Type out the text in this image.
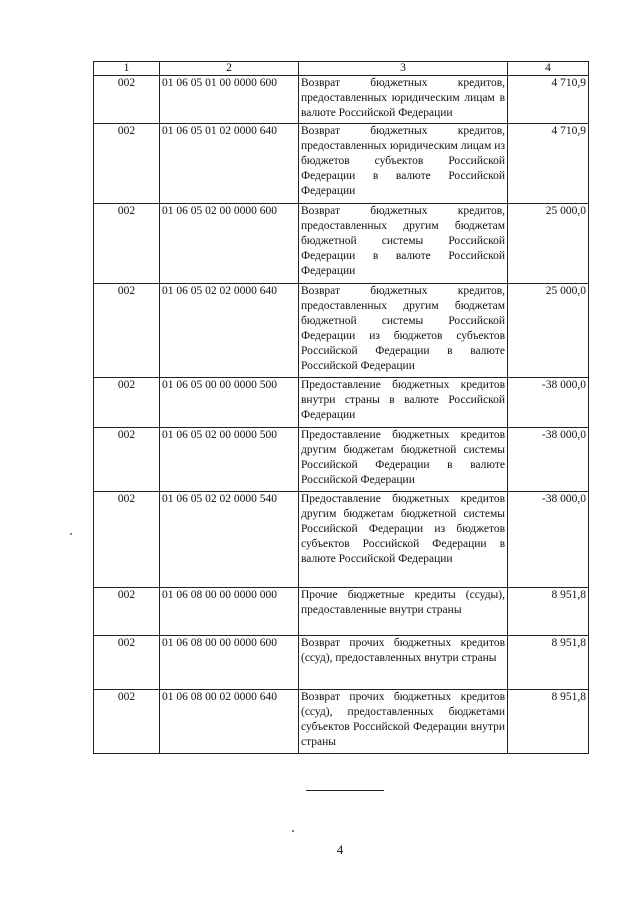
1	2	3	4
002	01 06 05 01 00 0000 600	Возврат бюджетных кредитов, предоставленных юридическим лицам в валюте Российской Федерации	4 710,9
002	01 06 05 01 02 0000 640	Возврат бюджетных кредитов, предоставленных юридическим лицам из бюджетов субъектов Российской Федерации в валюте Российской Федерации	4 710,9
002	01 06 05 02 00 0000 600	Возврат бюджетных кредитов, предоставленных другим бюджетам бюджетной системы Российской Федерации в валюте Российской Федерации	25 000,0
002	01 06 05 02 02 0000 640	Возврат бюджетных кредитов, предоставленных другим бюджетам бюджетной системы Российской Федерации из бюджетов субъектов Российской Федерации в валюте Российской Федерации	25 000,0
002	01 06 05 00 00 0000 500	Предоставление бюджетных кредитов внутри страны в валюте Российской Федерации	-38 000,0
002	01 06 05 02 00 0000 500	Предоставление бюджетных кредитов другим бюджетам бюджетной системы Российской Федерации в валюте Российской Федерации	-38 000,0
002	01 06 05 02 02 0000 540	Предоставление бюджетных кредитов другим бюджетам бюджетной системы Российской Федерации из бюджетов субъектов Российской Федерации в валюте Российской Федерации	-38 000,0
002	01 06 08 00 00 0000 000	Прочие бюджетные кредиты (ссуды), предоставленные внутри страны	8 951,8
002	01 06 08 00 00 0000 600	Возврат прочих бюджетных кредитов (ссуд), предоставленных внутри страны	8 951,8
002	01 06 08 00 02 0000 640	Возврат прочих бюджетных кредитов (ссуд), предоставленных бюджетами субъектов Российской Федерации внутри страны	8 951,8
4
